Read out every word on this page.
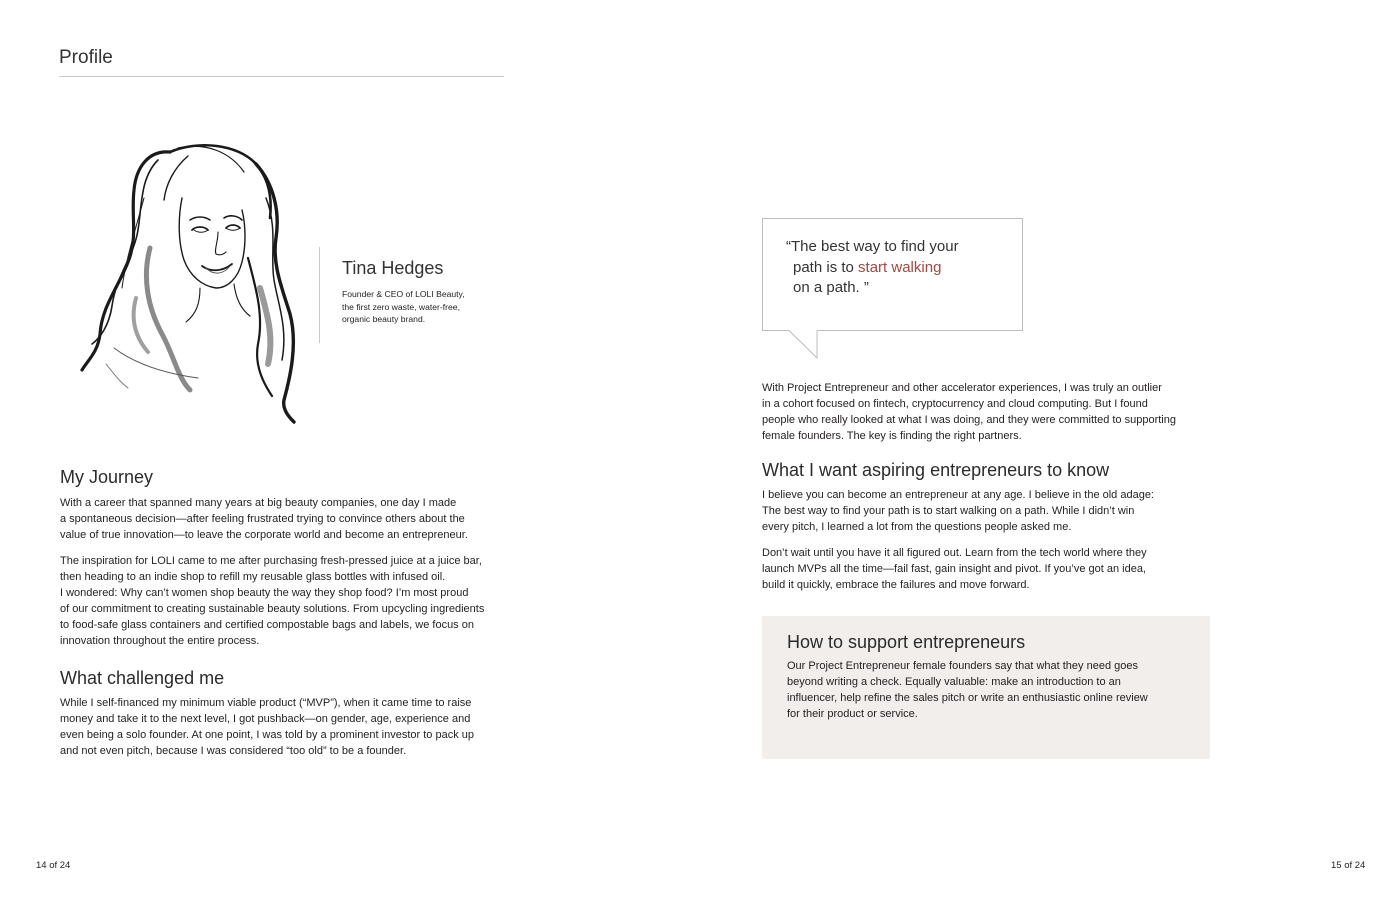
Profile
Tina Hedges
Founder & CEO of LOLI Beauty,
the first zero waste, water-free,
organic beauty brand.
My Journey

With a career that spanned many years at big beauty companies, one day I made
a spontaneous decision—after feeling frustrated trying to convince others about the
value of true innovation—to leave the corporate world and become an entrepreneur.

The inspiration for LOLI came to me after purchasing fresh-pressed juice at a juice bar,
then heading to an indie shop to refill my reusable glass bottles with infused oil.
I wondered: Why can’t women shop beauty the way they shop food? I’m most proud
of our commitment to creating sustainable beauty solutions. From upcycling ingredients
to food-safe glass containers and certified compostable bags and labels, we focus on
innovation throughout the entire process.

What challenged me

While I self-financed my minimum viable product (“MVP”), when it came time to raise
money and take it to the next level, I got pushback—on gender, age, experience and
even being a solo founder. At one point, I was told by a prominent investor to pack up
and not even pitch, because I was considered “too old” to be a founder.

14 of 24
“The best way to find your
path is to start walking
on a path. ”

With Project Entrepreneur and other accelerator experiences, I was truly an outlier
in a cohort focused on fintech, cryptocurrency and cloud computing. But I found
people who really looked at what I was doing, and they were committed to supporting
female founders. The key is finding the right partners.

What I want aspiring entrepreneurs to know

I believe you can become an entrepreneur at any age. I believe in the old adage:
The best way to find your path is to start walking on a path. While I didn’t win
every pitch, I learned a lot from the questions people asked me.

Don’t wait until you have it all figured out. Learn from the tech world where they
launch MVPs all the time—fail fast, gain insight and pivot. If you’ve got an idea,
build it quickly, embrace the failures and move forward.

How to support entrepreneurs

Our Project Entrepreneur female founders say that what they need goes
beyond writing a check. Equally valuable: make an introduction to an
influencer, help refine the sales pitch or write an enthusiastic online review
for their product or service.

15 of 24
